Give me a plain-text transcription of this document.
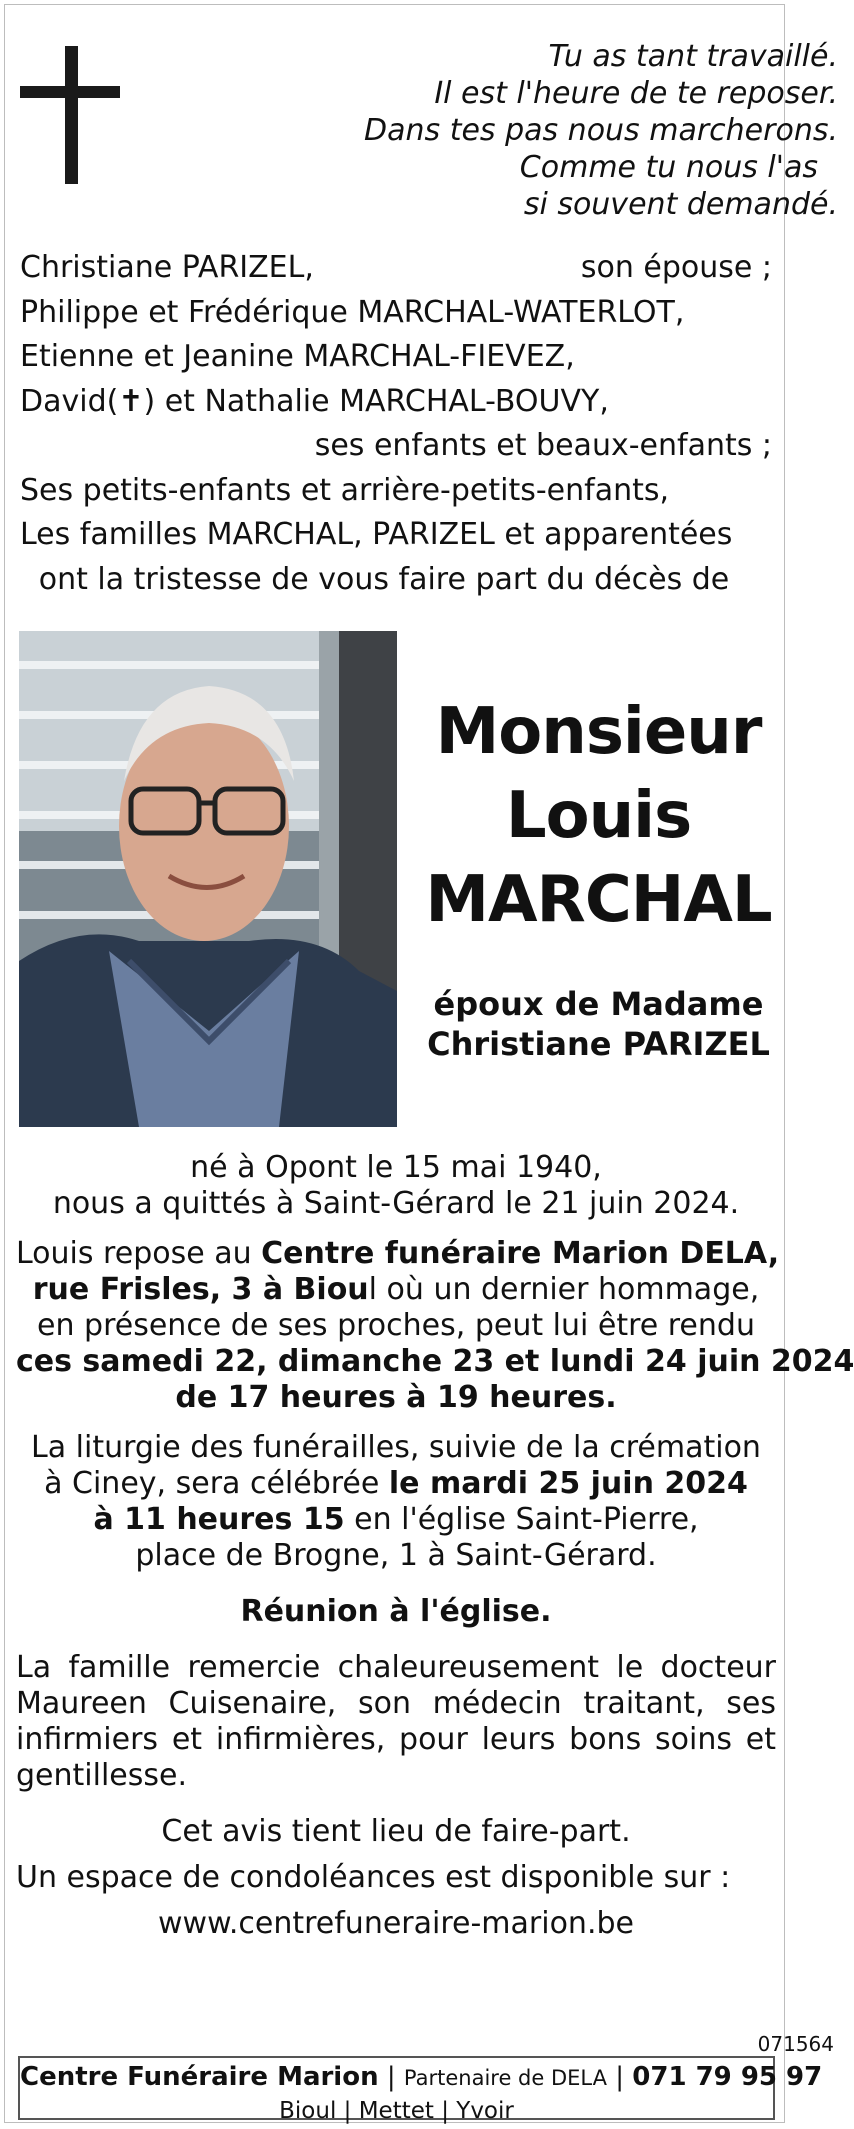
Tu as tant travaillé.
Il est l'heure de te reposer.
Dans tes pas nous marcherons.
Comme tu nous l'as
si souvent demandé.
Christiane PARIZEL,	son épouse ;
Philippe et Frédérique MARCHAL-WATERLOT,
Etienne et Jeanine MARCHAL-FIEVEZ,
David(✝) et Nathalie MARCHAL-BOUVY,
ses enfants et beaux-enfants ;
Ses petits-enfants et arrière-petits-enfants,
Les familles MARCHAL, PARIZEL et apparentées
ont la tristesse de vous faire part du décès de
Monsieur
Louis
MARCHAL
époux de Madame
Christiane PARIZEL
né à Opont le 15 mai 1940,
nous a quittés à Saint-Gérard le 21 juin 2024.
Louis repose au Centre funéraire Marion DELA,
rue Frisles, 3 à Bioul où un dernier hommage,
en présence de ses proches, peut lui être rendu
ces samedi 22, dimanche 23 et lundi 24 juin 2024
de 17 heures à 19 heures.
La liturgie des funérailles, suivie de la crémation
à Ciney, sera célébrée le mardi 25 juin 2024
à 11 heures 15 en l'église Saint-Pierre,
place de Brogne, 1 à Saint-Gérard.
Réunion à l'église.
La famille remercie chaleureusement le docteur Maureen Cuisenaire, son médecin traitant, ses infirmiers et infirmières, pour leurs bons soins et gentillesse.
Cet avis tient lieu de faire-part.
Un espace de condoléances est disponible sur :
www.centrefuneraire-marion.be
071564
Centre Funéraire Marion | Partenaire de DELA | 071 79 95 97
Bioul | Mettet | Yvoir
